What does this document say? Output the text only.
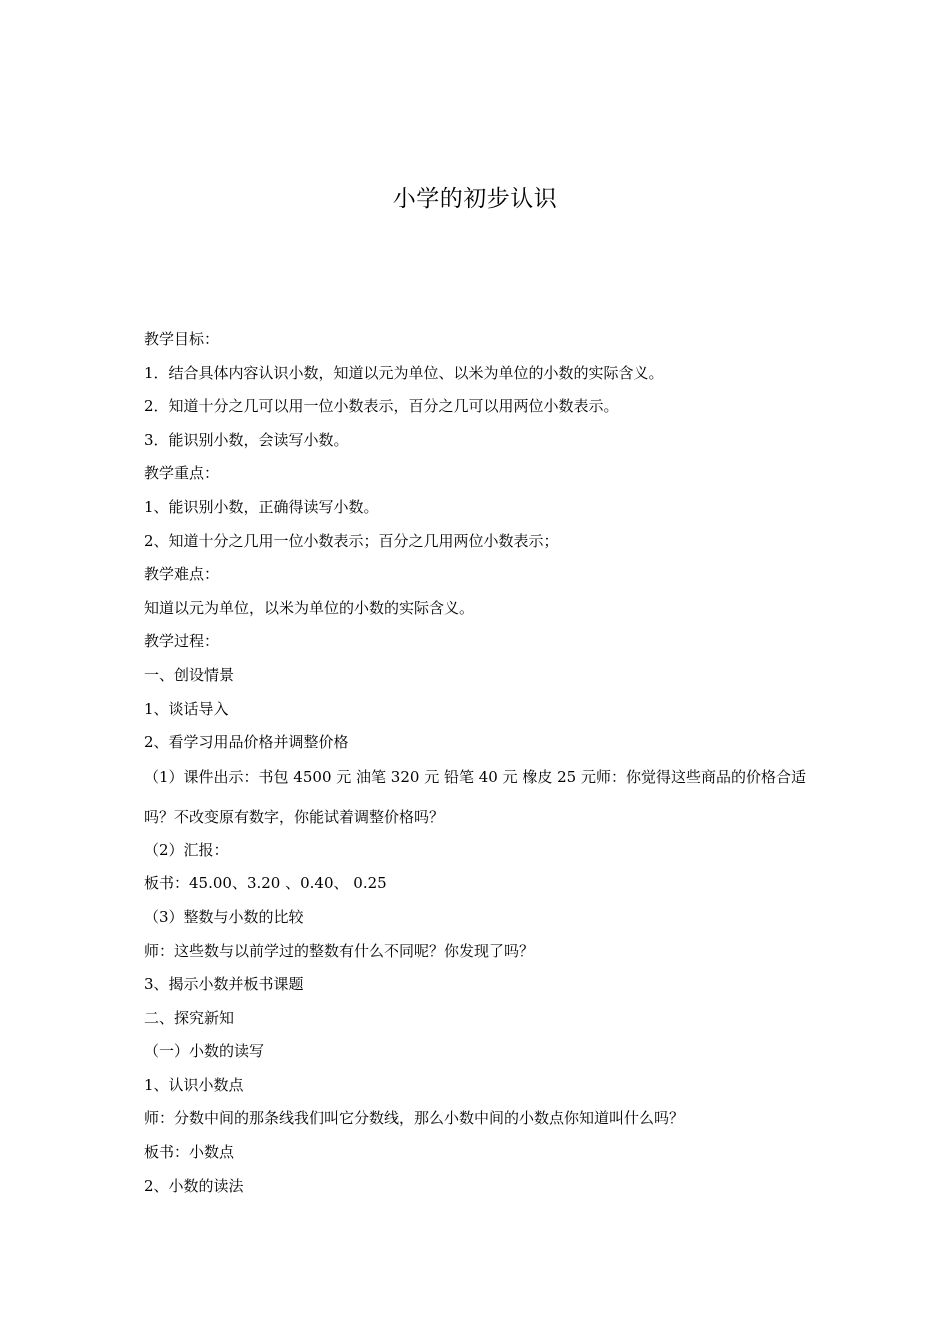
小学的初步认识
教学目标：
1．结合具体内容认识小数，知道以元为单位、以米为单位的小数的实际含义。
2．知道十分之几可以用一位小数表示，百分之几可以用两位小数表示。
3．能识别小数，会读写小数。
教学重点：
1、能识别小数，正确得读写小数。
2、知道十分之几用一位小数表示；百分之几用两位小数表示；
教学难点：
知道以元为单位，以米为单位的小数的实际含义。
教学过程：
一、创设情景
1、谈话导入
2、看学习用品价格并调整价格
（1）课件出示：书包 4500 元 油笔 320 元 铅笔 40 元 橡皮 25 元师：你觉得这些商品的价格合适吗？不改变原有数字，你能试着调整价格吗？
（2）汇报：
板书：45.00、3.20 、0.40、 0.25
（3）整数与小数的比较
师：这些数与以前学过的整数有什么不同呢？你发现了吗？
3、揭示小数并板书课题
二、探究新知
（一）小数的读写
1、认识小数点
师：分数中间的那条线我们叫它分数线，那么小数中间的小数点你知道叫什么吗？
板书：小数点
2、小数的读法
